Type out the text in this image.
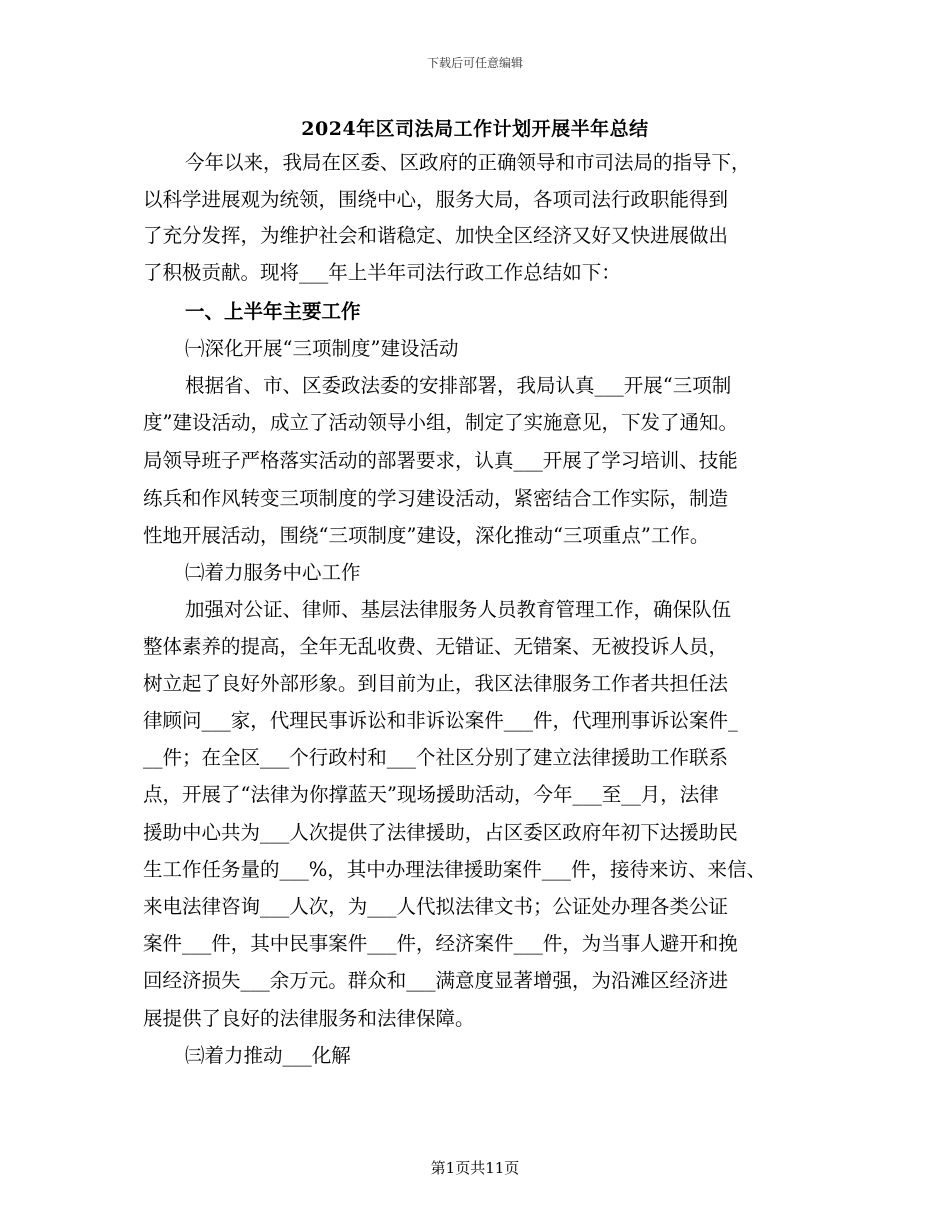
下载后可任意编辑
2024年区司法局工作计划开展半年总结
今年以来，我局在区委、区政府的正确领导和市司法局的指导下，
以科学进展观为统领，围绕中心，服务大局，各项司法行政职能得到
了充分发挥，为维护社会和谐稳定、加快全区经济又好又快进展做出
了积极贡献。现将___年上半年司法行政工作总结如下：
一、上半年主要工作
㈠深化开展“三项制度”建设活动
根据省、市、区委政法委的安排部署，我局认真___开展“三项制
度”建设活动，成立了活动领导小组，制定了实施意见，下发了通知。
局领导班子严格落实活动的部署要求，认真___开展了学习培训、技能
练兵和作风转变三项制度的学习建设活动，紧密结合工作实际，制造
性地开展活动，围绕“三项制度”建设，深化推动“三项重点”工作。
㈡着力服务中心工作
加强对公证、律师、基层法律服务人员教育管理工作，确保队伍
整体素养的提高，全年无乱收费、无错证、无错案、无被投诉人员，
树立起了良好外部形象。到目前为止，我区法律服务工作者共担任法
律顾问___家，代理民事诉讼和非诉讼案件___件，代理刑事诉讼案件_
__件；在全区___个行政村和___个社区分别了建立法律援助工作联系
点，开展了“法律为你撑蓝天”现场援助活动，今年___至__月，法律
援助中心共为___人次提供了法律援助，占区委区政府年初下达援助民
生工作任务量的___%，其中办理法律援助案件___件，接待来访、来信、
来电法律咨询___人次，为___人代拟法律文书；公证处办理各类公证
案件___件，其中民事案件___件，经济案件___件，为当事人避开和挽
回经济损失___余万元。群众和___满意度显著增强，为沿滩区经济进
展提供了良好的法律服务和法律保障。
㈢着力推动___化解
第1页共11页
